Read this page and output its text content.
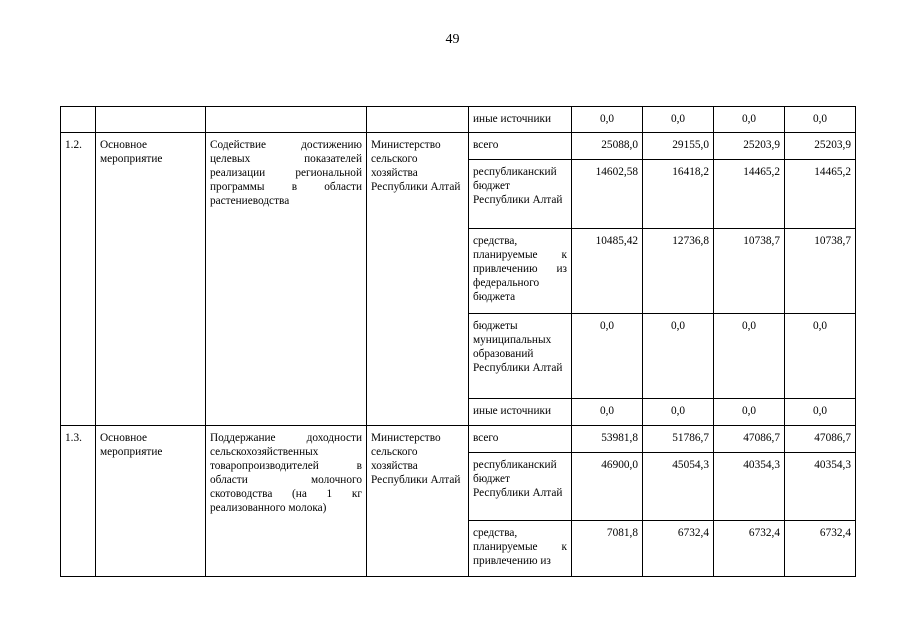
49
				иные источники	0,0	0,0	0,0	0,0
1.2.	Основное мероприятие	Содействие достижению целевых показателей реализации региональной программы в области растениеводства	Министерство сельского хозяйства Республики Алтай	всего	25088,0	29155,0	25203,9	25203,9
				республиканский бюджет Республики Алтай	14602,58	16418,2	14465,2	14465,2
				средства, планируемые к привлечению из федерального бюджета	10485,42	12736,8	10738,7	10738,7
				бюджеты муниципальных образований Республики Алтай	0,0	0,0	0,0	0,0
				иные источники	0,0	0,0	0,0	0,0
1.3.	Основное мероприятие	Поддержание доходности сельскохозяйственных товаропроизводителей в области молочного скотоводства (на 1 кг реализованного молока)	Министерство сельского хозяйства Республики Алтай	всего	53981,8	51786,7	47086,7	47086,7
				республиканский бюджет Республики Алтай	46900,0	45054,3	40354,3	40354,3
				средства, планируемые к привлечению из	7081,8	6732,4	6732,4	6732,4
